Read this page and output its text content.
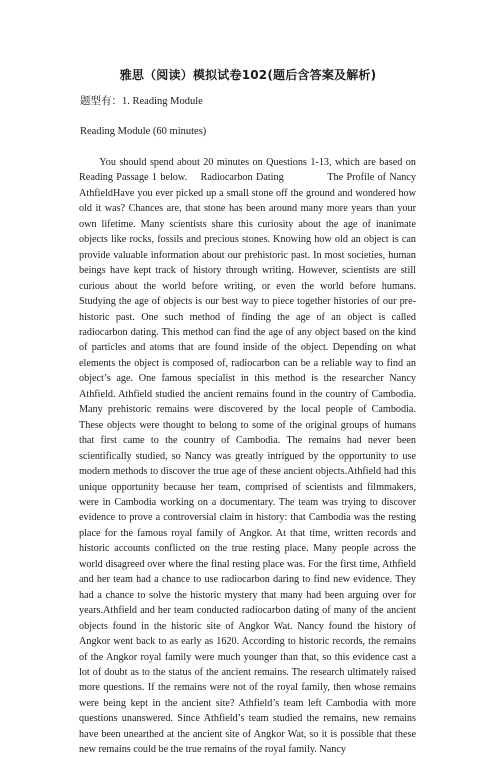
雅思（阅读）模拟试卷102(题后含答案及解析)
题型有：1. Reading Module
Reading Module (60 minutes)
You should spend about 20 minutes on Questions 1-13, which are based on Reading Passage 1 below.    Radiocarbon Dating             The Profile of Nancy AthfieldHave you ever picked up a small stone off the ground and wondered how old it was? Chances are, that stone has been around many more years than your own lifetime. Many scientists share this curiosity about the age of inanimate objects like rocks, fossils and precious stones. Knowing how old an object is can provide valuable information about our prehistoric past. In most societies, human beings have kept track of history through writing. However, scientists are still curious about the world before writing, or even the world before humans. Studying the age of objects is our best way to piece together histories of our pre-historic past. One such method of finding the age of an object is called radiocarbon dating. This method can find the age of any object based on the kind of particles and atoms that are found inside of the object. Depending on what elements the object is composed of, radiocarbon can be a reliable way to find an object’s age. One famous specialist in this method is the researcher Nancy Athfield. Athfield studied the ancient remains found in the country of Cambodia. Many prehistoric remains were discovered by the local people of Cambodia. These objects were thought to belong to some of the original groups of humans that first came to the country of Cambodia. The remains had never been scientifically studied, so Nancy was greatly intrigued by the opportunity to use modern methods to discover the true age of these ancient objects.Athfield had this unique opportunity because her team, comprised of scientists and filmmakers, were in Cambodia working on a documentary. The team was trying to discover evidence to prove a controversial claim in history: that Cambodia was the resting place for the famous royal family of Angkor. At that time, written records and historic accounts conflicted on the true resting place. Many people across the world disagreed over where the final resting place was. For the first time, Athfield and her team had a chance to use radiocarbon daring to find new evidence. They had a chance to solve the historic mystery that many had been arguing over for years.Athfield and her team conducted radiocarbon dating of many of the ancient objects found in the historic site of Angkor Wat. Nancy found the history of Angkor went back to as early as 1620. According to historic records, the remains of the Angkor royal family were much younger than that, so this evidence cast a lot of doubt as to the status of the ancient remains. The research ultimately raised more questions. If the remains were not of the royal family, then whose remains were being kept in the ancient site? Athfield’s team left Cambodia with more questions unanswered. Since Athfield’s team studied the remains, new remains have been unearthed at the ancient site of Angkor Wat, so it is possible that these new remains could be the true remains of the royal family. Nancy
